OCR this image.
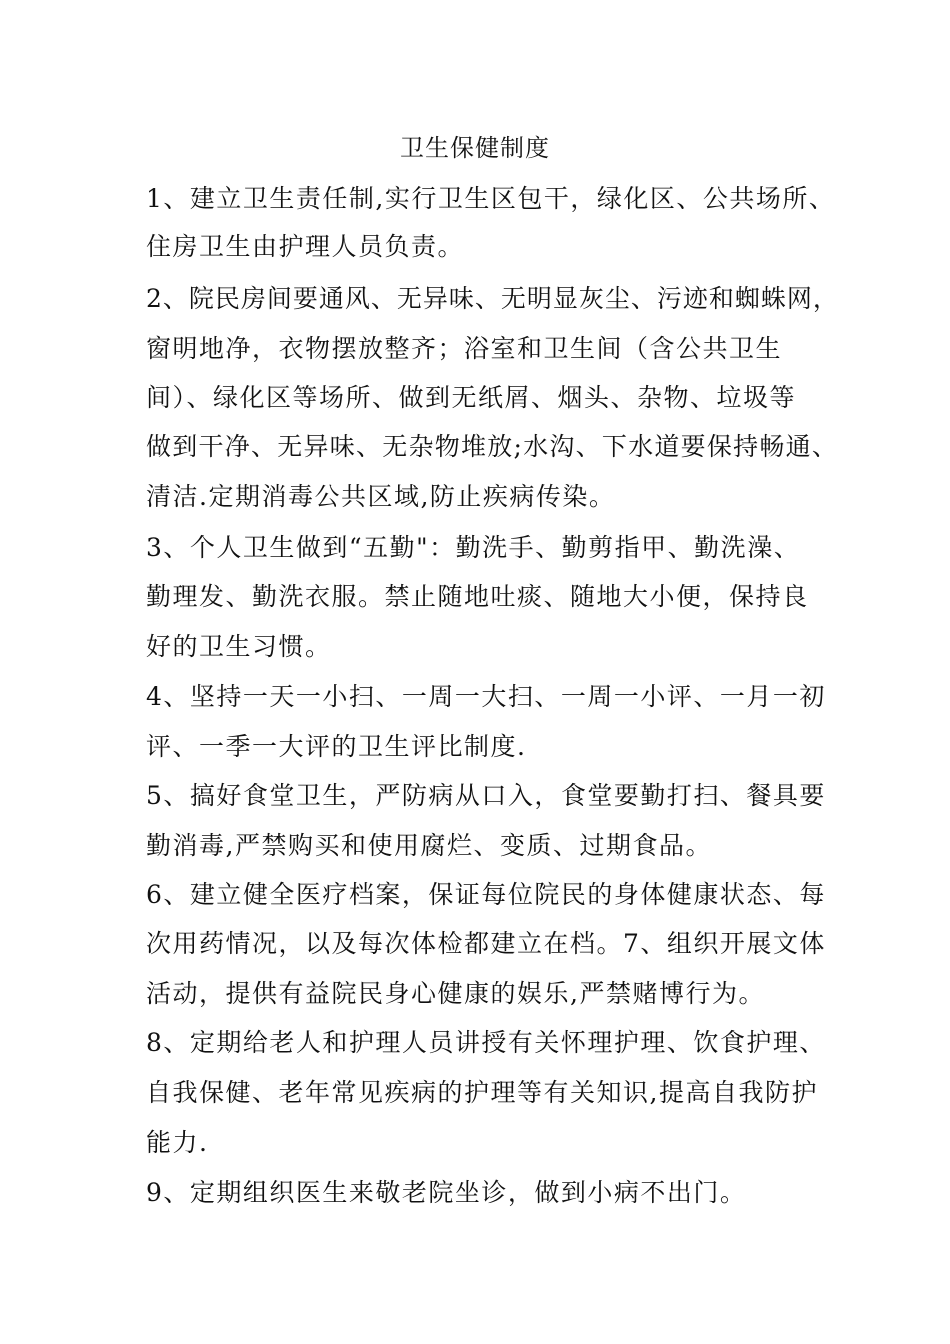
卫生保健制度
1、建立卫生责任制,实行卫生区包干，绿化区、公共场所、
住房卫生由护理人员负责。
2、院民房间要通风、无异味、无明显灰尘、污迹和蜘蛛网，
窗明地净，衣物摆放整齐；浴室和卫生间（含公共卫生
间）、绿化区等场所、做到无纸屑、烟头、杂物、垃圾等
做到干净、无异味、无杂物堆放;水沟、下水道要保持畅通、
清洁.定期消毒公共区域,防止疾病传染。
3、个人卫生做到“五勤"：勤洗手、勤剪指甲、勤洗澡、
勤理发、勤洗衣服。禁止随地吐痰、随地大小便，保持良
好的卫生习惯。
4、坚持一天一小扫、一周一大扫、一周一小评、一月一初
评、一季一大评的卫生评比制度.
5、搞好食堂卫生，严防病从口入，食堂要勤打扫、餐具要
勤消毒,严禁购买和使用腐烂、变质、过期食品。
6、建立健全医疗档案，保证每位院民的身体健康状态、每
次用药情况，以及每次体检都建立在档。7、组织开展文体
活动，提供有益院民身心健康的娱乐,严禁赌博行为。
8、定期给老人和护理人员讲授有关怀理护理、饮食护理、
自我保健、老年常见疾病的护理等有关知识,提高自我防护
能力.
9、定期组织医生来敬老院坐诊，做到小病不出门。
